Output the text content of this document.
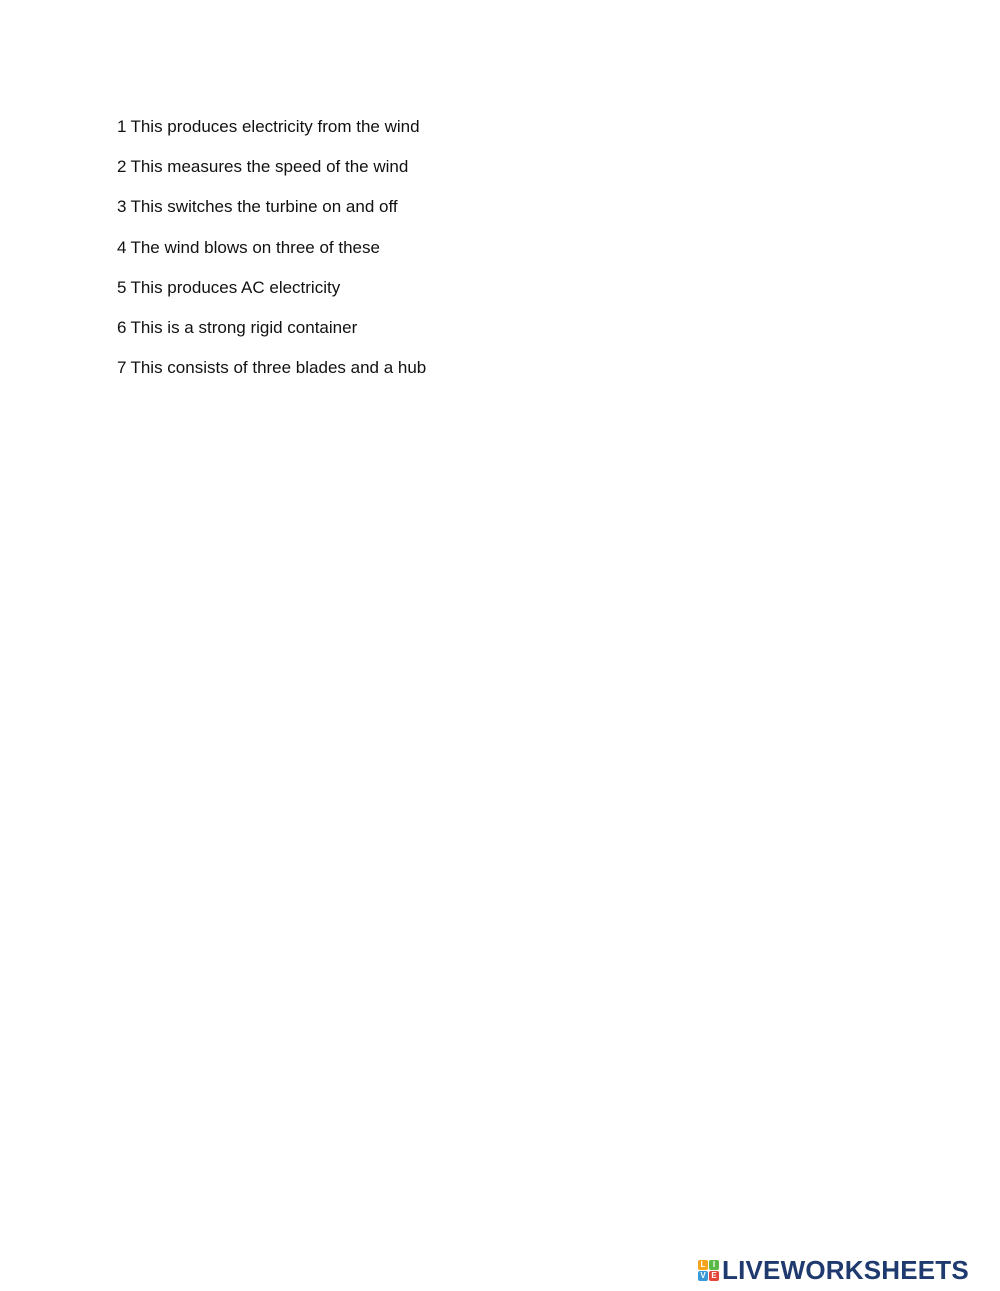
1 This produces electricity from the wind
2 This measures the speed of the wind
3 This switches the turbine on and off
4 The wind blows on three of these
5 This produces AC electricity
6 This is a strong rigid container
7 This consists of three blades and a hub
L I
V E LIVEWORKSHEETS
